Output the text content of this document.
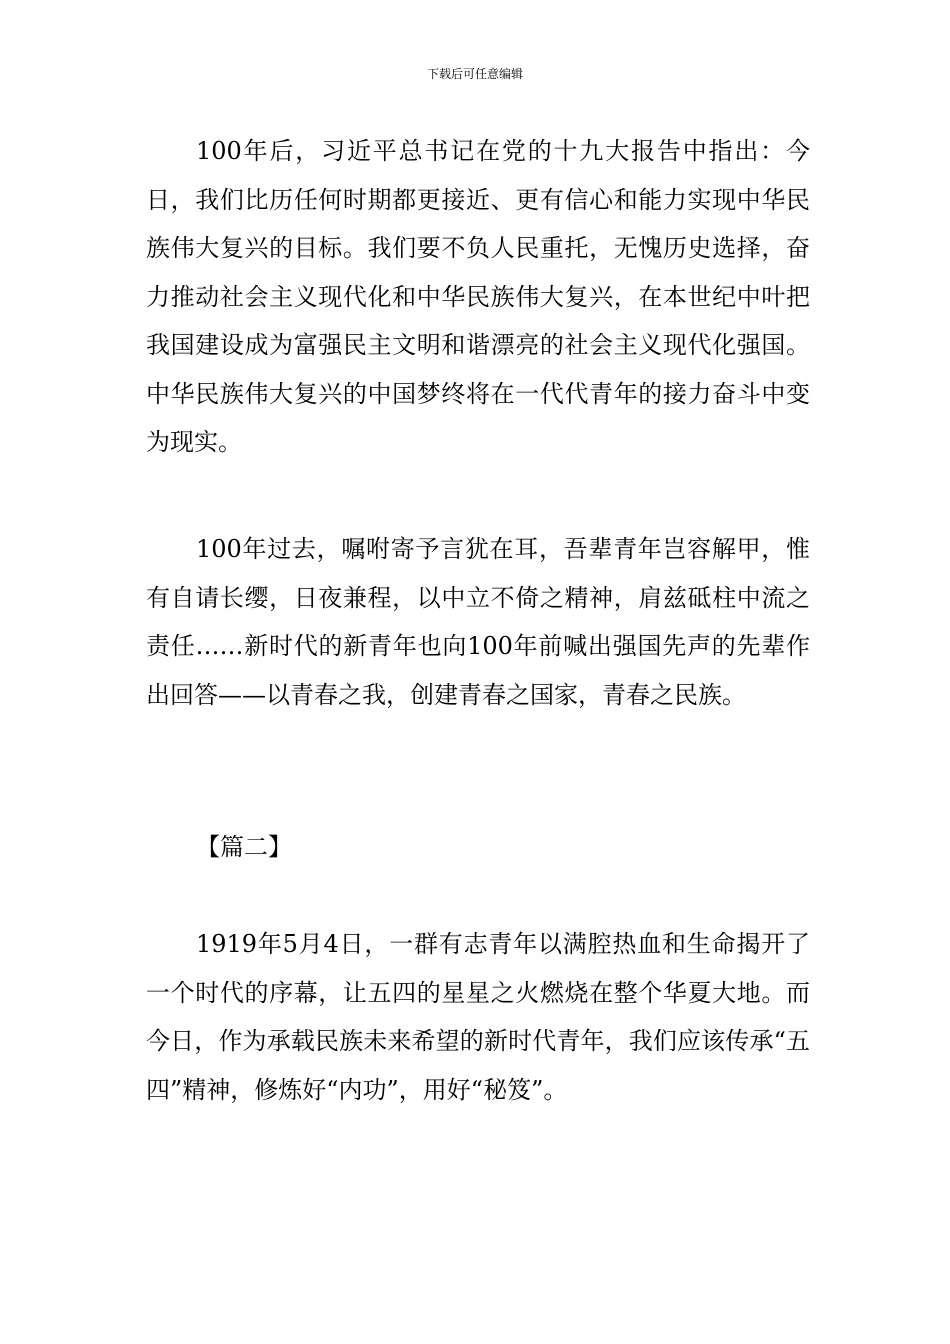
下载后可任意编辑

100年后，习近平总书记在党的十九大报告中指出：今日，我们比历任何时期都更接近、更有信心和能力实现中华民族伟大复兴的目标。我们要不负人民重托，无愧历史选择，奋力推动社会主义现代化和中华民族伟大复兴，在本世纪中叶把我国建设成为富强民主文明和谐漂亮的社会主义现代化强国。中华民族伟大复兴的中国梦终将在一代代青年的接力奋斗中变为现实。

100年过去，嘱咐寄予言犹在耳，吾辈青年岂容解甲，惟有自请长缨，日夜兼程，以中立不倚之精神，肩兹砥柱中流之责任……新时代的新青年也向100年前喊出强国先声的先辈作出回答——以青春之我，创建青春之国家，青春之民族。

【篇二】

1919年5月4日，一群有志青年以满腔热血和生命揭开了一个时代的序幕，让五四的星星之火燃烧在整个华夏大地。而今日，作为承载民族未来希望的新时代青年，我们应该传承“五四”精神，修炼好“内功”，用好“秘笈”。
